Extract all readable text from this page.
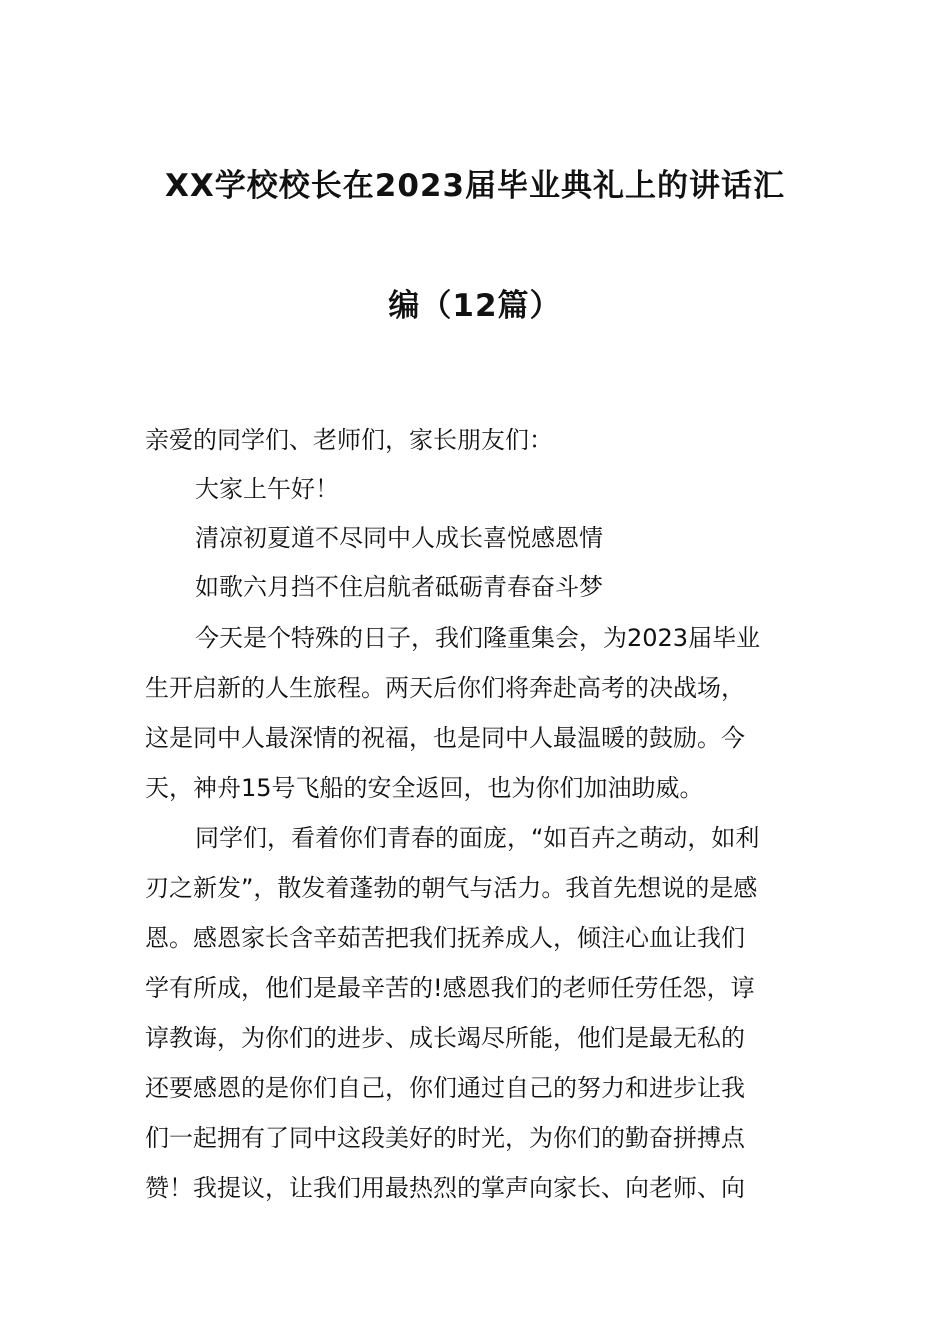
XX学校校长在2023届毕业典礼上的讲话汇
编（12篇）
亲爱的同学们、老师们，家长朋友们：
大家上午好！
清凉初夏道不尽同中人成长喜悦感恩情
如歌六月挡不住启航者砥砺青春奋斗梦
今天是个特殊的日子，我们隆重集会，为2023届毕业
生开启新的人生旅程。两天后你们将奔赴高考的决战场，
这是同中人最深情的祝福，也是同中人最温暖的鼓励。今
天，神舟15号飞船的安全返回，也为你们加油助威。
同学们，看着你们青春的面庞，“如百卉之萌动，如利
刃之新发”，散发着蓬勃的朝气与活力。我首先想说的是感
恩。感恩家长含辛茹苦把我们抚养成人，倾注心血让我们
学有所成，他们是最辛苦的!感恩我们的老师任劳任怨，谆
谆教诲，为你们的进步、成长竭尽所能，他们是最无私的
还要感恩的是你们自己，你们通过自己的努力和进步让我
们一起拥有了同中这段美好的时光，为你们的勤奋拼搏点
赞！我提议，让我们用最热烈的掌声向家长、向老师、向
